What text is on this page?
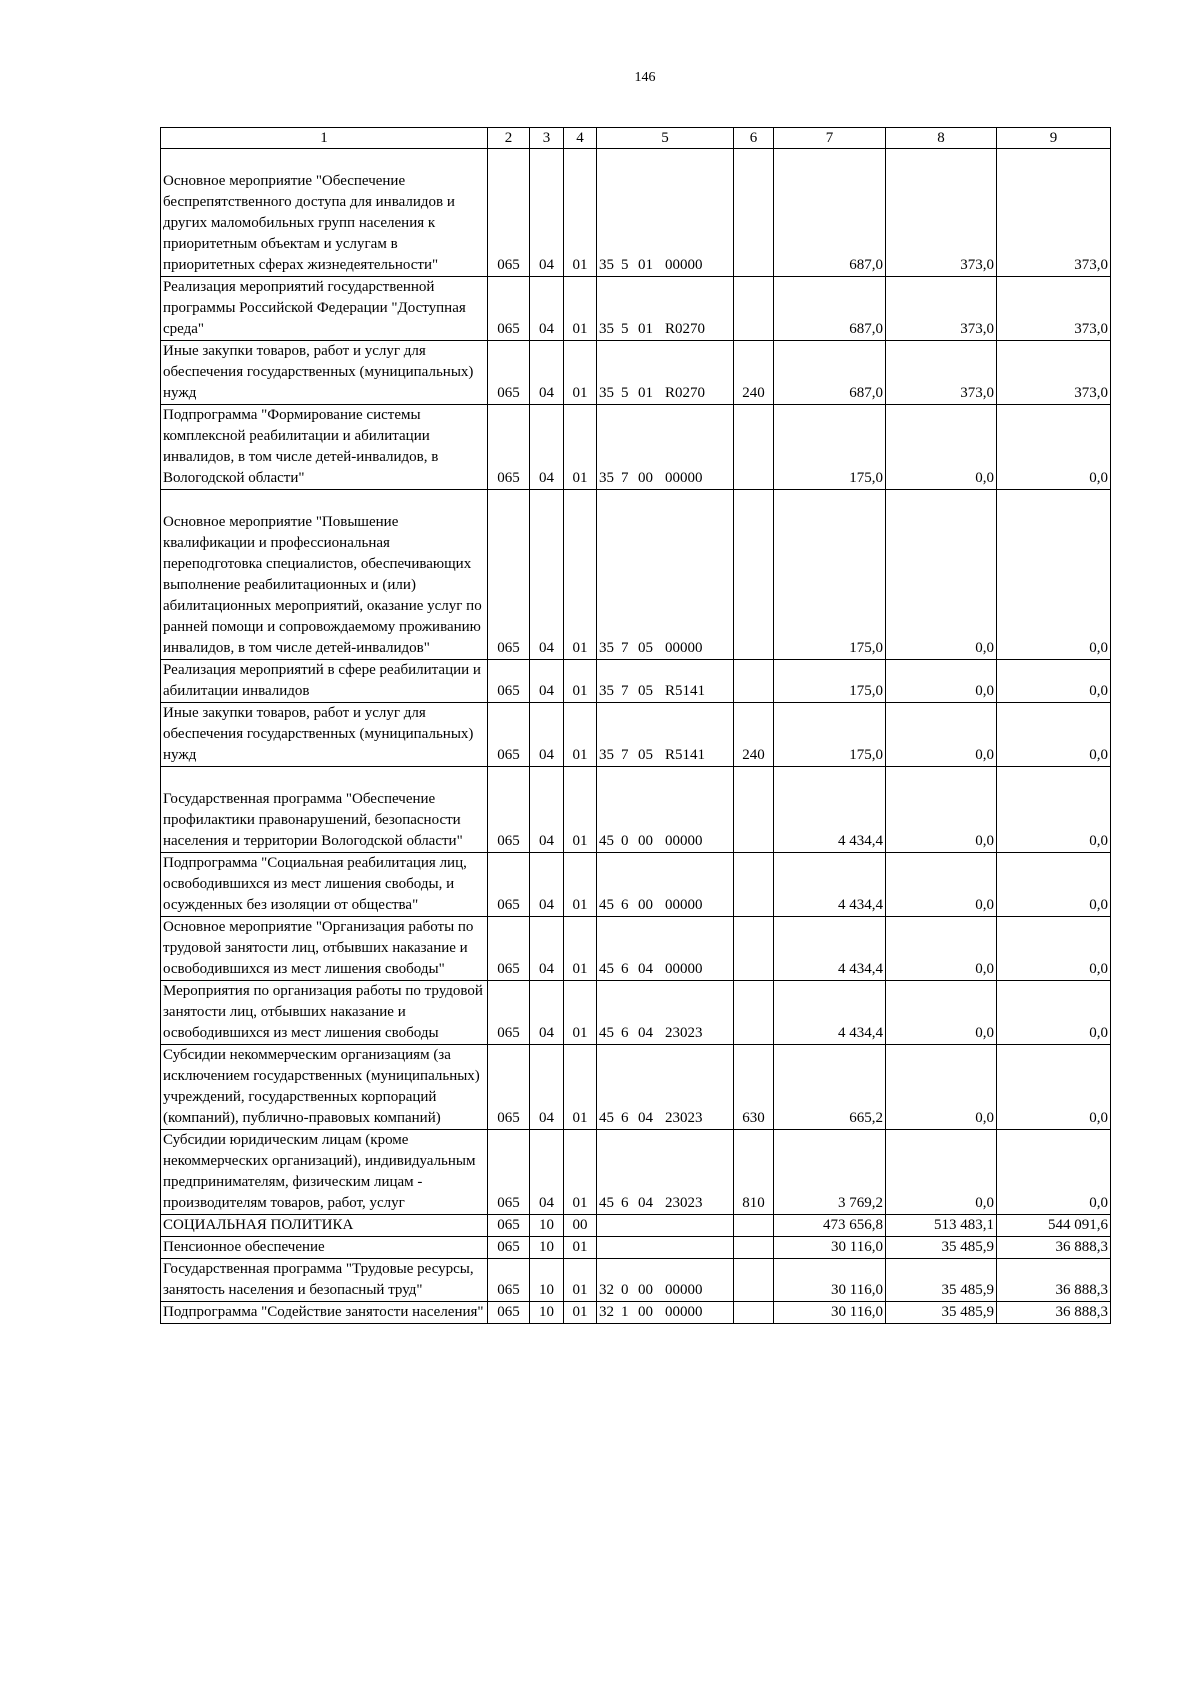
146
1	2	3	4	5	6	7	8	9

Основное мероприятие "Обеспечение беспрепятственного доступа для инвалидов и других маломобильных групп населения к приоритетным объектам и услугам в приоритетных сферах жизнедеятельности"	065	04	01	35 5 01 00000		687,0	373,0	373,0
Реализация мероприятий государственной программы Российской Федерации "Доступная среда"	065	04	01	35 5 01 R0270		687,0	373,0	373,0
Иные закупки товаров, работ и услуг для обеспечения государственных (муниципальных) нужд	065	04	01	35 5 01 R0270	240	687,0	373,0	373,0
Подпрограмма "Формирование системы комплексной реабилитации и абилитации инвалидов, в том числе детей-инвалидов, в Вологодской области"	065	04	01	35 7 00 00000		175,0	0,0	0,0

Основное мероприятие "Повышение квалификации и профессиональная переподготовка специалистов, обеспечивающих выполнение реабилитационных и (или) абилитационных мероприятий, оказание услуг по ранней помощи и сопровождаемому проживанию инвалидов, в том числе детей-инвалидов"	065	04	01	35 7 05 00000		175,0	0,0	0,0
Реализация мероприятий в сфере реабилитации и абилитации инвалидов	065	04	01	35 7 05 R5141		175,0	0,0	0,0
Иные закупки товаров, работ и услуг для обеспечения государственных (муниципальных) нужд	065	04	01	35 7 05 R5141	240	175,0	0,0	0,0

Государственная программа "Обеспечение профилактики правонарушений, безопасности населения и территории Вологодской области"	065	04	01	45 0 00 00000		4 434,4	0,0	0,0
Подпрограмма "Социальная реабилитация лиц, освободившихся из мест лишения свободы, и осужденных без изоляции от общества"	065	04	01	45 6 00 00000		4 434,4	0,0	0,0
Основное мероприятие "Организация работы по трудовой занятости лиц, отбывших наказание и освободившихся из мест лишения свободы"	065	04	01	45 6 04 00000		4 434,4	0,0	0,0
Мероприятия по организация работы по трудовой занятости лиц, отбывших наказание и освободившихся из мест лишения свободы	065	04	01	45 6 04 23023		4 434,4	0,0	0,0
Субсидии некоммерческим организациям (за исключением государственных (муниципальных) учреждений, государственных корпораций (компаний), публично-правовых компаний)	065	04	01	45 6 04 23023	630	665,2	0,0	0,0
Субсидии юридическим лицам (кроме некоммерческих организаций), индивидуальным предпринимателям, физическим лицам - производителям товаров, работ, услуг	065	04	01	45 6 04 23023	810	3 769,2	0,0	0,0
СОЦИАЛЬНАЯ ПОЛИТИКА	065	10	00			473 656,8	513 483,1	544 091,6
Пенсионное обеспечение	065	10	01			30 116,0	35 485,9	36 888,3
Государственная программа "Трудовые ресурсы, занятость населения и безопасный труд"	065	10	01	32 0 00 00000		30 116,0	35 485,9	36 888,3
Подпрограмма "Содействие занятости населения"	065	10	01	32 1 00 00000		30 116,0	35 485,9	36 888,3
